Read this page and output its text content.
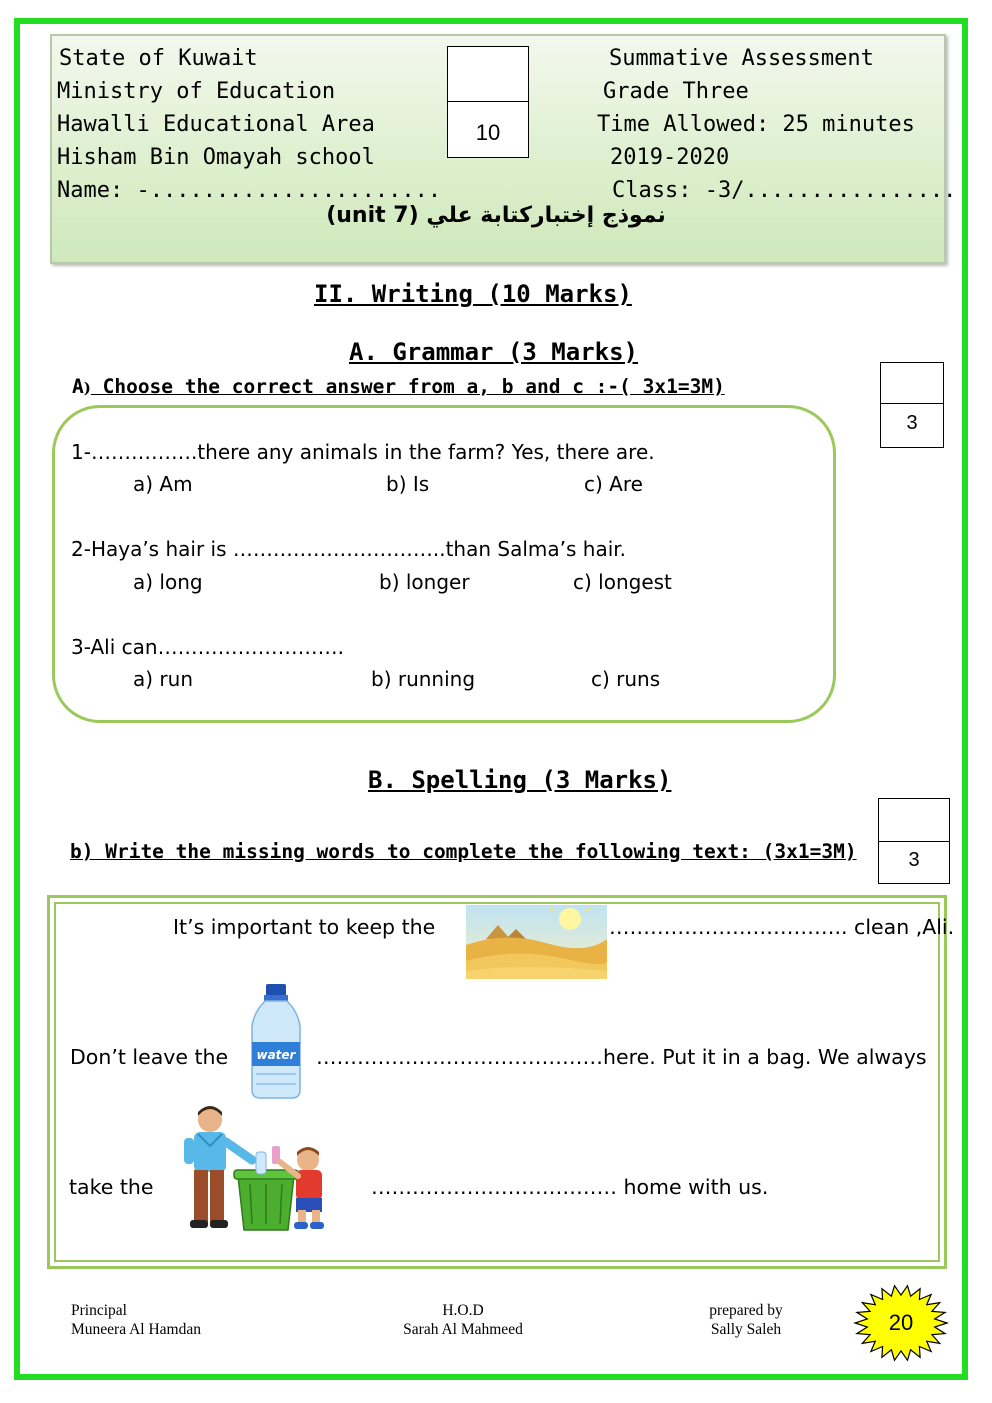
State of Kuwait
Ministry of Education
Hawalli Educational Area
Hisham Bin Omayah school
Name: -......................
Summative Assessment
Grade Three
Time Allowed: 25 minutes
2019-2020
Class: -3/................
10
نموذج إختباركتابة علي (unit 7)
II. Writing (10 Marks)
A. Grammar (3 Marks)
A) Choose the correct answer from a, b and c :-( 3x1=3M)
3
1-…………….there any animals in the farm? Yes, there are.
a) Am	b) Is	c) Are
2-Haya’s hair is …………………………..than Salma’s hair.
a) long	b) longer	c) longest
3-Ali can……………………….
a) run	b) running	c) runs
B. Spelling (3 Marks)
3
b) Write the missing words to complete the following text: (3x1=3M)
It’s important to keep the	…………………………….. clean ,Ali.
Don’t leave the water ……………………………………here. Put it in a bag. We always
take the	……………………………… home with us.
Principal
Muneera Al Hamdan
H.O.D
Sarah Al Mahmeed
prepared by
Sally Saleh	20
